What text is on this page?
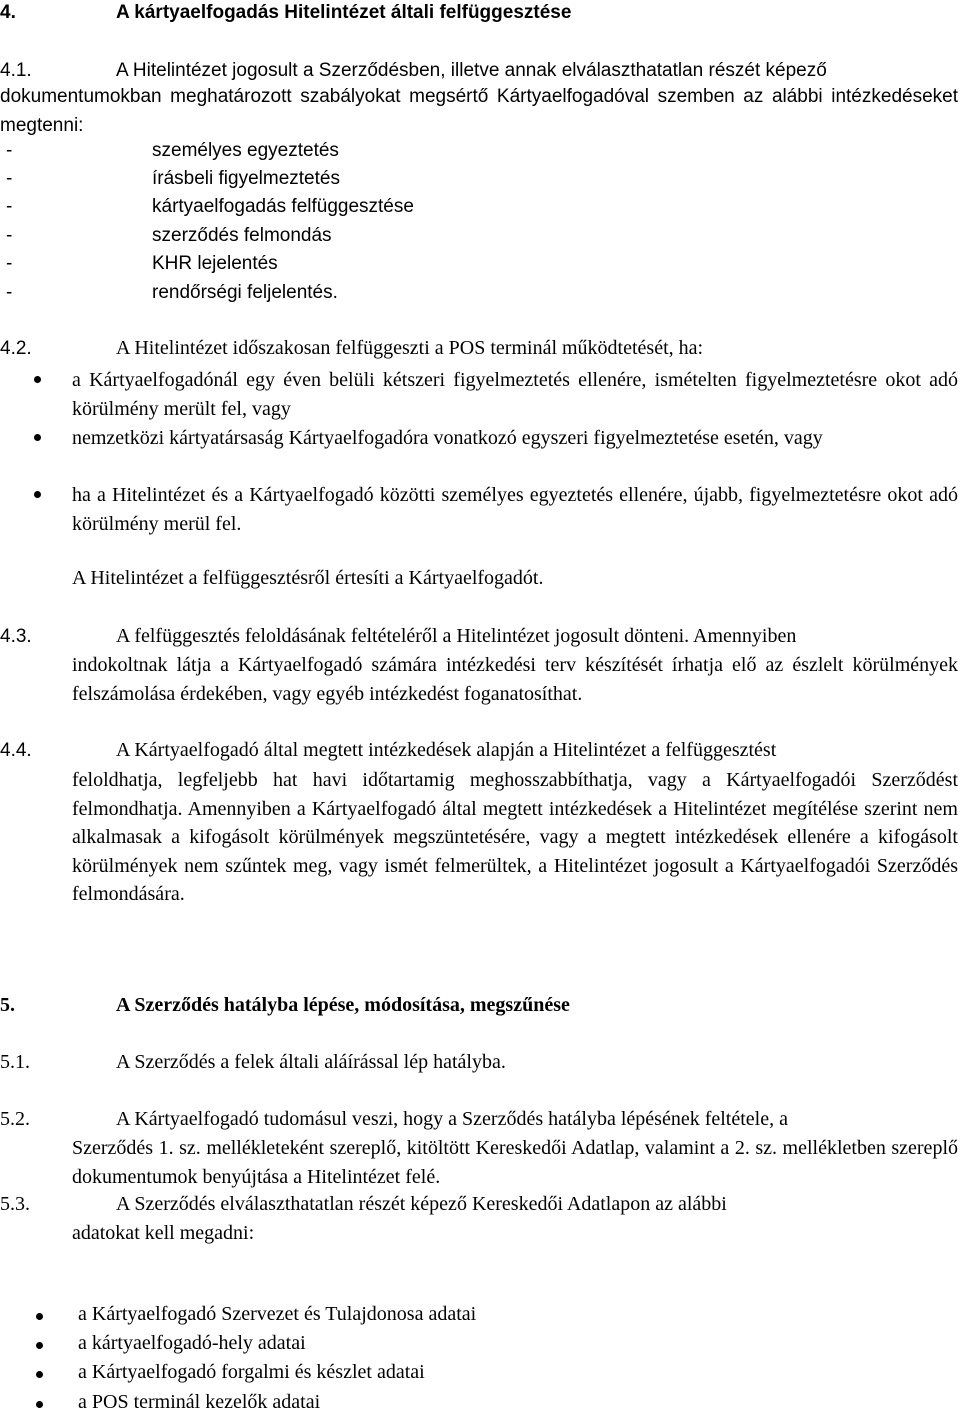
4.	A kártyaelfogadás Hitelintézet általi felfüggesztése
4.1.	A Hitelintézet jogosult a Szerződésben, illetve annak elválaszthatatlan részét képező
dokumentumokban meghatározott szabályokat megsértő Kártyaelfogadóval szemben az alábbi intézkedéseket megtenni:
-	személyes egyeztetés
-	írásbeli figyelmeztetés
-	kártyaelfogadás felfüggesztése
-	szerződés felmondás
-	KHR lejelentés
-	rendőrségi feljelentés.
4.2.	A Hitelintézet időszakosan felfüggeszti a POS terminál működtetését, ha:
a Kártyaelfogadónál egy éven belüli kétszeri figyelmeztetés ellenére, ismételten figyelmeztetésre okot adó körülmény merült fel, vagy
nemzetközi kártyatársaság Kártyaelfogadóra vonatkozó egyszeri figyelmeztetése esetén, vagy
ha a Hitelintézet és a Kártyaelfogadó közötti személyes egyeztetés ellenére, újabb, figyelmeztetésre okot adó körülmény merül fel.
A Hitelintézet a felfüggesztésről értesíti a Kártyaelfogadót.
4.3.	A felfüggesztés feloldásának feltételéről a Hitelintézet jogosult dönteni. Amennyiben
indokoltnak látja a Kártyaelfogadó számára intézkedési terv készítését írhatja elő az észlelt körülmények felszámolása érdekében, vagy egyéb intézkedést foganatosíthat.
4.4.	A Kártyaelfogadó által megtett intézkedések alapján a Hitelintézet a felfüggesztést
feloldhatja, legfeljebb hat havi időtartamig meghosszabbíthatja, vagy a Kártyaelfogadói Szerződést felmondhatja. Amennyiben a Kártyaelfogadó által megtett intézkedések a Hitelintézet megítélése szerint nem alkalmasak a kifogásolt körülmények megszüntetésére, vagy a megtett intézkedések ellenére a kifogásolt körülmények nem szűntek meg, vagy ismét felmerültek, a Hitelintézet jogosult a Kártyaelfogadói Szerződés felmondására.
5.	A Szerződés hatályba lépése, módosítása, megszűnése
5.1.	A Szerződés a felek általi aláírással lép hatályba.
5.2.	A Kártyaelfogadó tudomásul veszi, hogy a Szerződés hatályba lépésének feltétele, a
Szerződés 1. sz. mellékleteként szereplő, kitöltött Kereskedői Adatlap, valamint a 2. sz. mellékletben szereplő dokumentumok benyújtása a Hitelintézet felé.
5.3.	A Szerződés elválaszthatatlan részét képező Kereskedői Adatlapon az alábbi
adatokat kell megadni:
a Kártyaelfogadó Szervezet és Tulajdonosa adatai
a kártyaelfogadó-hely adatai
a Kártyaelfogadó forgalmi és készlet adatai
a POS terminál kezelők adatai
